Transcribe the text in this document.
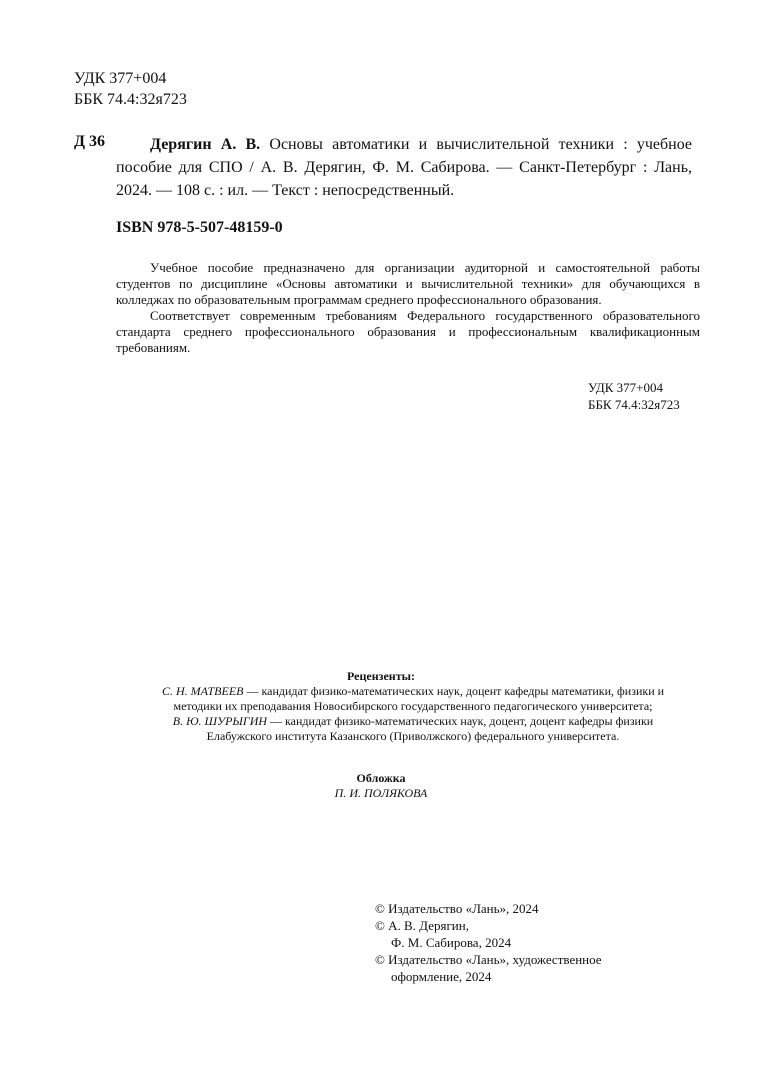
УДК 377+004
ББК 74.4:32я723
Д 36	Дерягин А. В. Основы автоматики и вычислительной техники : учебное пособие для СПО / А. В. Дерягин, Ф. М. Сабирова. — Санкт-Петербург : Лань, 2024. — 108 с. : ил. — Текст : непосредственный.
ISBN 978-5-507-48159-0

Учебное пособие предназначено для организации аудиторной и самостоятельной работы студентов по дисциплине «Основы автоматики и вычислительной техники» для обучающихся в колледжах по образовательным программам среднего профессионального образования.

Соответствует современным требованиям Федерального государственного образовательного стандарта среднего профессионального образования и профессиональным квалификационным требованиям.

УДК 377+004
ББК 74.4:32я723
Рецензенты:

С. Н. МАТВЕЕВ — кандидат физико-математических наук, доцент кафедры математики, физики и методики их преподавания Новосибирского государственного педагогического университета;

В. Ю. ШУРЫГИН — кандидат физико-математических наук, доцент, доцент кафедры физики Елабужского института Казанского (Приволжского) федерального университета.

Обложка
П. И. ПОЛЯКОВА
© Издательство «Лань», 2024
© А. В. Дерягин,
Ф. М. Сабирова, 2024
© Издательство «Лань», художественное
оформление, 2024
